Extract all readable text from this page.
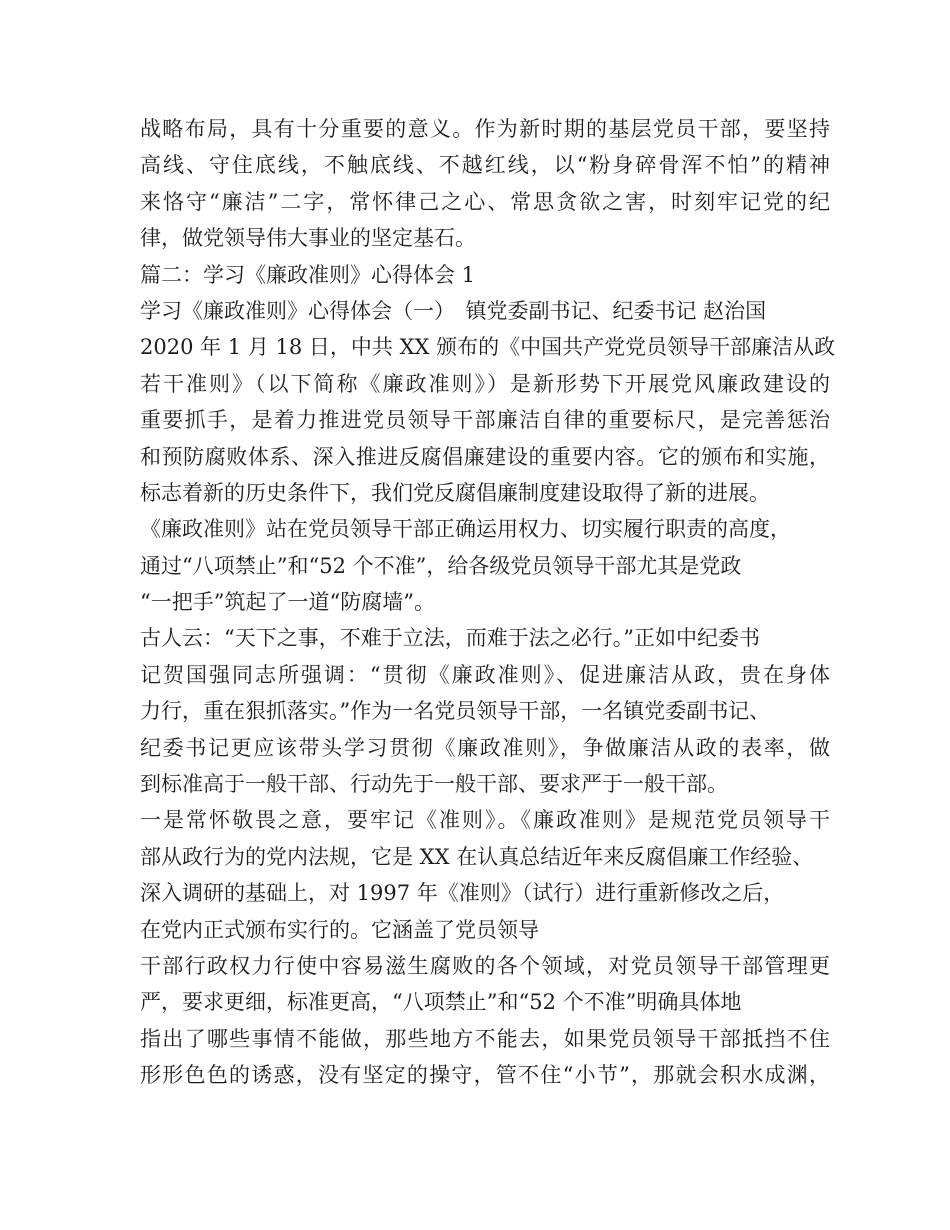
战略布局，具有十分重要的意义。作为新时期的基层党员干部，要坚持
高线、守住底线，不触底线、不越红线，以“粉身碎骨浑不怕”的精神
来恪守“廉洁”二字，常怀律己之心、常思贪欲之害，时刻牢记党的纪
律，做党领导伟大事业的坚定基石。
篇二：学习《廉政准则》心得体会 1
学习《廉政准则》心得体会（一）　镇党委副书记、纪委书记 赵治国
2020 年 1 月 18 日，中共 XX 颁布的《中国共产党党员领导干部廉洁从政
若干准则》（以下简称《廉政准则》）是新形势下开展党风廉政建设的
重要抓手，是着力推进党员领导干部廉洁自律的重要标尺，是完善惩治
和预防腐败体系、深入推进反腐倡廉建设的重要内容。它的颁布和实施，
标志着新的历史条件下，我们党反腐倡廉制度建设取得了新的进展。
《廉政准则》站在党员领导干部正确运用权力、切实履行职责的高度，
通过“八项禁止”和“52 个不准”，给各级党员领导干部尤其是党政
“一把手”筑起了一道“防腐墙”。
古人云：“天下之事，不难于立法，而难于法之必行。”正如中纪委书
记贺国强同志所强调：“贯彻《廉政准则》、促进廉洁从政，贵在身体
力行，重在狠抓落实。”作为一名党员领导干部，一名镇党委副书记、
纪委书记更应该带头学习贯彻《廉政准则》，争做廉洁从政的表率，做
到标准高于一般干部、行动先于一般干部、要求严于一般干部。
一是常怀敬畏之意，要牢记《准则》。《廉政准则》是规范党员领导干
部从政行为的党内法规，它是 XX 在认真总结近年来反腐倡廉工作经验、
深入调研的基础上，对 1997 年《准则》（试行）进行重新修改之后，
在党内正式颁布实行的。它涵盖了党员领导
干部行政权力行使中容易滋生腐败的各个领域，对党员领导干部管理更
严，要求更细，标准更高，“八项禁止”和“52 个不准”明确具体地
指出了哪些事情不能做，那些地方不能去，如果党员领导干部抵挡不住
形形色色的诱惑，没有坚定的操守，管不住“小节”，那就会积水成渊，
